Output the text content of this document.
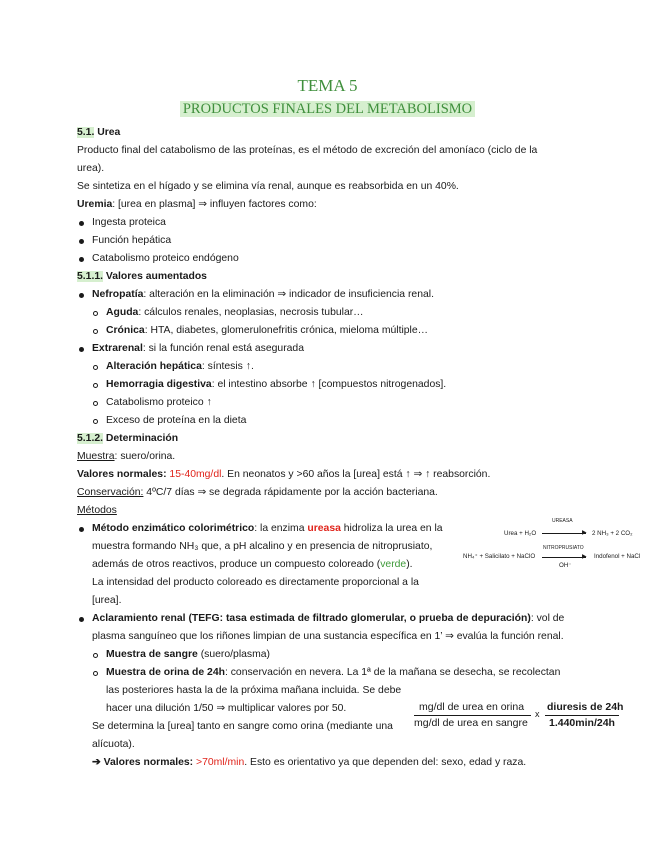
TEMA 5
PRODUCTOS FINALES DEL METABOLISMO
5.1. Urea
Producto final del catabolismo de las proteínas, es el método de excreción del amoníaco (ciclo de la
urea).
Se sintetiza en el hígado y se elimina vía renal, aunque es reabsorbida en un 40%.
Uremia: [urea en plasma] ⇒ influyen factores como:
Ingesta proteica
Función hepática
Catabolismo proteico endógeno
5.1.1. Valores aumentados
Nefropatía: alteración en la eliminación ⇒ indicador de insuficiencia renal.
Aguda: cálculos renales, neoplasias, necrosis tubular…
Crónica: HTA, diabetes, glomerulonefritis crónica, mieloma múltiple…
Extrarenal: si la función renal está asegurada
Alteración hepática: síntesis ↑.
Hemorragia digestiva: el intestino absorbe ↑ [compuestos nitrogenados].
Catabolismo proteico ↑
Exceso de proteína en la dieta
5.1.2. Determinación
Muestra: suero/orina.
Valores normales: 15-40mg/dl. En neonatos y >60 años la [urea] está ↑ ⇒ ↑ reabsorción.
Conservación: 4ºC/7 días ⇒ se degrada rápidamente por la acción bacteriana.
Métodos
Método enzimático colorimétrico: la enzima ureasa hidroliza la urea en la
muestra formando NH₃ que, a pH alcalino y en presencia de nitroprusiato,
además de otros reactivos, produce un compuesto coloreado (verde).
La intensidad del producto coloreado es directamente proporcional a la
[urea].
Urea + H₂O
UREASA
▶ 2 NH₃ + 2 CO₂
NH₄⁺ + Salicilato + NaClO
NITROPRUSIATO
▶
OH⁻
Indofenol + NaCl
Aclaramiento renal (TEFG: tasa estimada de filtrado glomerular, o prueba de depuración): vol de
plasma sanguíneo que los riñones limpian de una sustancia específica en 1’ ⇒ evalúa la función renal.
Muestra de sangre (suero/plasma)
Muestra de orina de 24h: conservación en nevera. La 1ª de la mañana se desecha, se recolectan
las posteriores hasta la de la próxima mañana incluida. Se debe
hacer una dilución 1/50 ⇒ multiplicar valores por 50.
Se determina la [urea] tanto en sangre como orina (mediante una
alícuota).
mg/dl de urea en orina
mg/dl de urea en sangre
x
diuresis de 24h
1.440min/24h
➔ Valores normales: >70ml/min. Esto es orientativo ya que dependen del: sexo, edad y raza.
